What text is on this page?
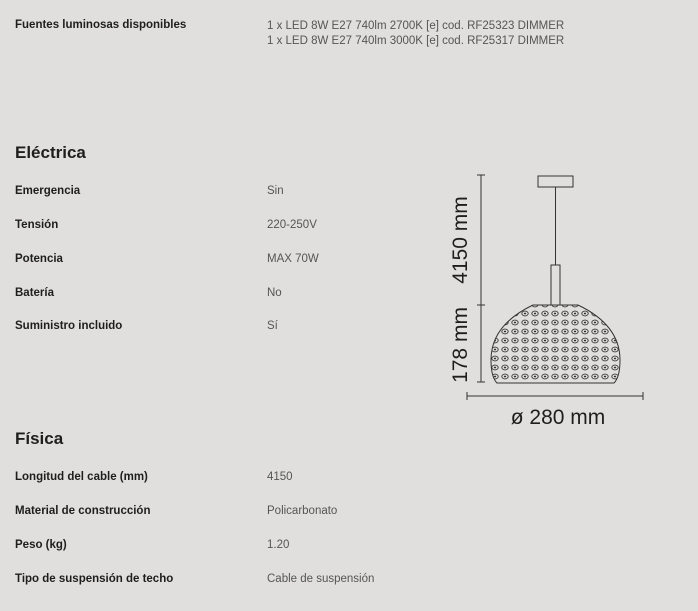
Fuentes luminosas disponibles	1 x LED 8W E27 740lm 2700K [e] cod. RF25323 DIMMER
1 x LED 8W E27 740lm 3000K [e] cod. RF25317 DIMMER
Eléctrica
Emergencia	Sin
Tensión	220-250V
Potencia	MAX 70W
Batería	No
Suministro incluido	Sí
Física
Longitud del cable (mm)	4150
Material de construcción	Policarbonato
Peso (kg)	1.20
Tipo de suspensión de techo	Cable de suspensión
4150 mm
178 mm
ø 280 mm
